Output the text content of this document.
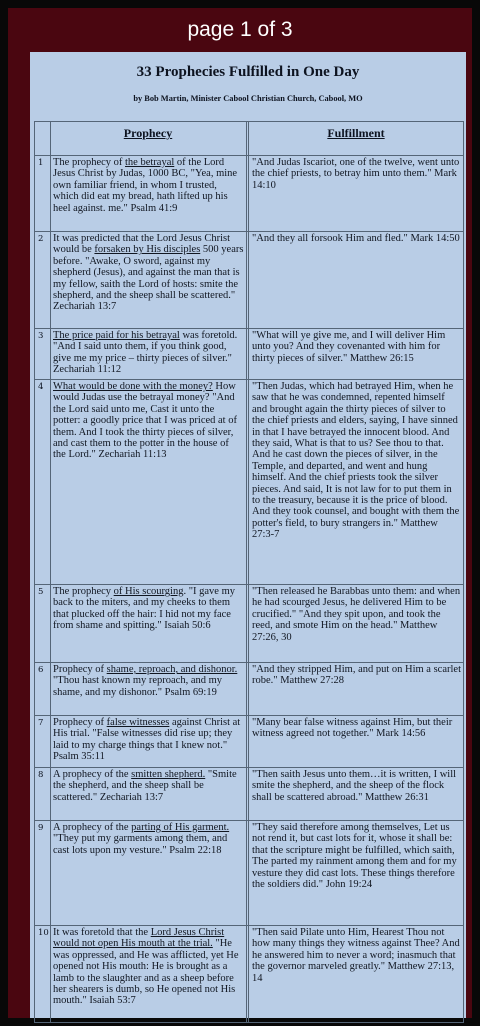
page 1 of 3
33 Prophecies Fulfilled in One Day
by Bob Martin, Minister Cabool Christian Church, Cabool, MO
Prophecy	Fulfillment
1 The prophecy of the betrayal of the Lord Jesus Christ by Judas, 1000 BC, "Yea, mine own familiar friend, in whom I trusted, which did eat my bread, hath lifted up his heel against. me." Psalm 41:9
"And Judas Iscariot, one of the twelve, went unto the chief priests, to betray him unto them." Mark 14:10
2 It was predicted that the Lord Jesus Christ would be forsaken by His disciples 500 years before. "Awake, O sword, against my shepherd (Jesus), and against the man that is my fellow, saith the Lord of hosts: smite the shepherd, and the sheep shall be scattered." Zechariah 13:7
"And they all forsook Him and fled." Mark 14:50
3 The price paid for his betrayal was foretold. "And I said unto them, if you think good, give me my price – thirty pieces of silver." Zechariah 11:12
"What will ye give me, and I will deliver Him unto you? And they covenanted with him for thirty pieces of silver." Matthew 26:15
4 What would be done with the money? How would Judas use the betrayal money? "And the Lord said unto me, Cast it unto the potter: a goodly price that I was priced at of them. And I took the thirty pieces of silver, and cast them to the potter in the house of the Lord." Zechariah 11:13
"Then Judas, which had betrayed Him, when he saw that he was condemned, repented himself and brought again the thirty pieces of silver to the chief priests and elders, saying, I have sinned in that I have betrayed the innocent blood. And they said, What is that to us? See thou to that. And he cast down the pieces of silver, in the Temple, and departed, and went and hung himself. And the chief priests took the silver pieces. And said, It is not law for to put them in to the treasury, because it is the price of blood. And they took counsel, and bought with them the potter's field, to bury strangers in." Matthew 27:3-7
5 The prophecy of His scourging. "I gave my back to the miters, and my cheeks to them that plucked off the hair: I hid not my face from shame and spitting." Isaiah 50:6
"Then released he Barabbas unto them: and when he had scourged Jesus, he delivered Him to be crucified." "And they spit upon, and took the reed, and smote Him on the head." Matthew 27:26, 30
6 Prophecy of shame, reproach, and dishonor. "Thou hast known my reproach, and my shame, and my dishonor." Psalm 69:19
"And they stripped Him, and put on Him a scarlet robe." Matthew 27:28
7 Prophecy of false witnesses against Christ at His trial. "False witnesses did rise up; they laid to my charge things that I knew not." Psalm 35:11
"Many bear false witness against Him, but their witness agreed not together." Mark 14:56
8 A prophecy of the smitten shepherd. "Smite the shepherd, and the sheep shall be scattered." Zechariah 13:7
"Then saith Jesus unto them…it is written, I will smite the shepherd, and the sheep of the flock shall be scattered abroad." Matthew 26:31
9 A prophecy of the parting of His garment. "They put my garments among them, and cast lots upon my vesture." Psalm 22:18
"They said therefore among themselves, Let us not rend it, but cast lots for it, whose it shall be: that the scripture might be fulfilled, which saith, The parted my rainment among them and for my vesture they did cast lots. These things therefore the soldiers did." John 19:24
10 It was foretold that the Lord Jesus Christ would not open His mouth at the trial. "He was oppressed, and He was afflicted, yet He opened not His mouth: He is brought as a lamb to the slaughter and as a sheep before her shearers is dumb, so He opened not His mouth." Isaiah 53:7
"Then said Pilate unto Him, Hearest Thou not how many things they witness against Thee? And he answered him to never a word; inasmuch that the governor marveled greatly." Matthew 27:13, 14
